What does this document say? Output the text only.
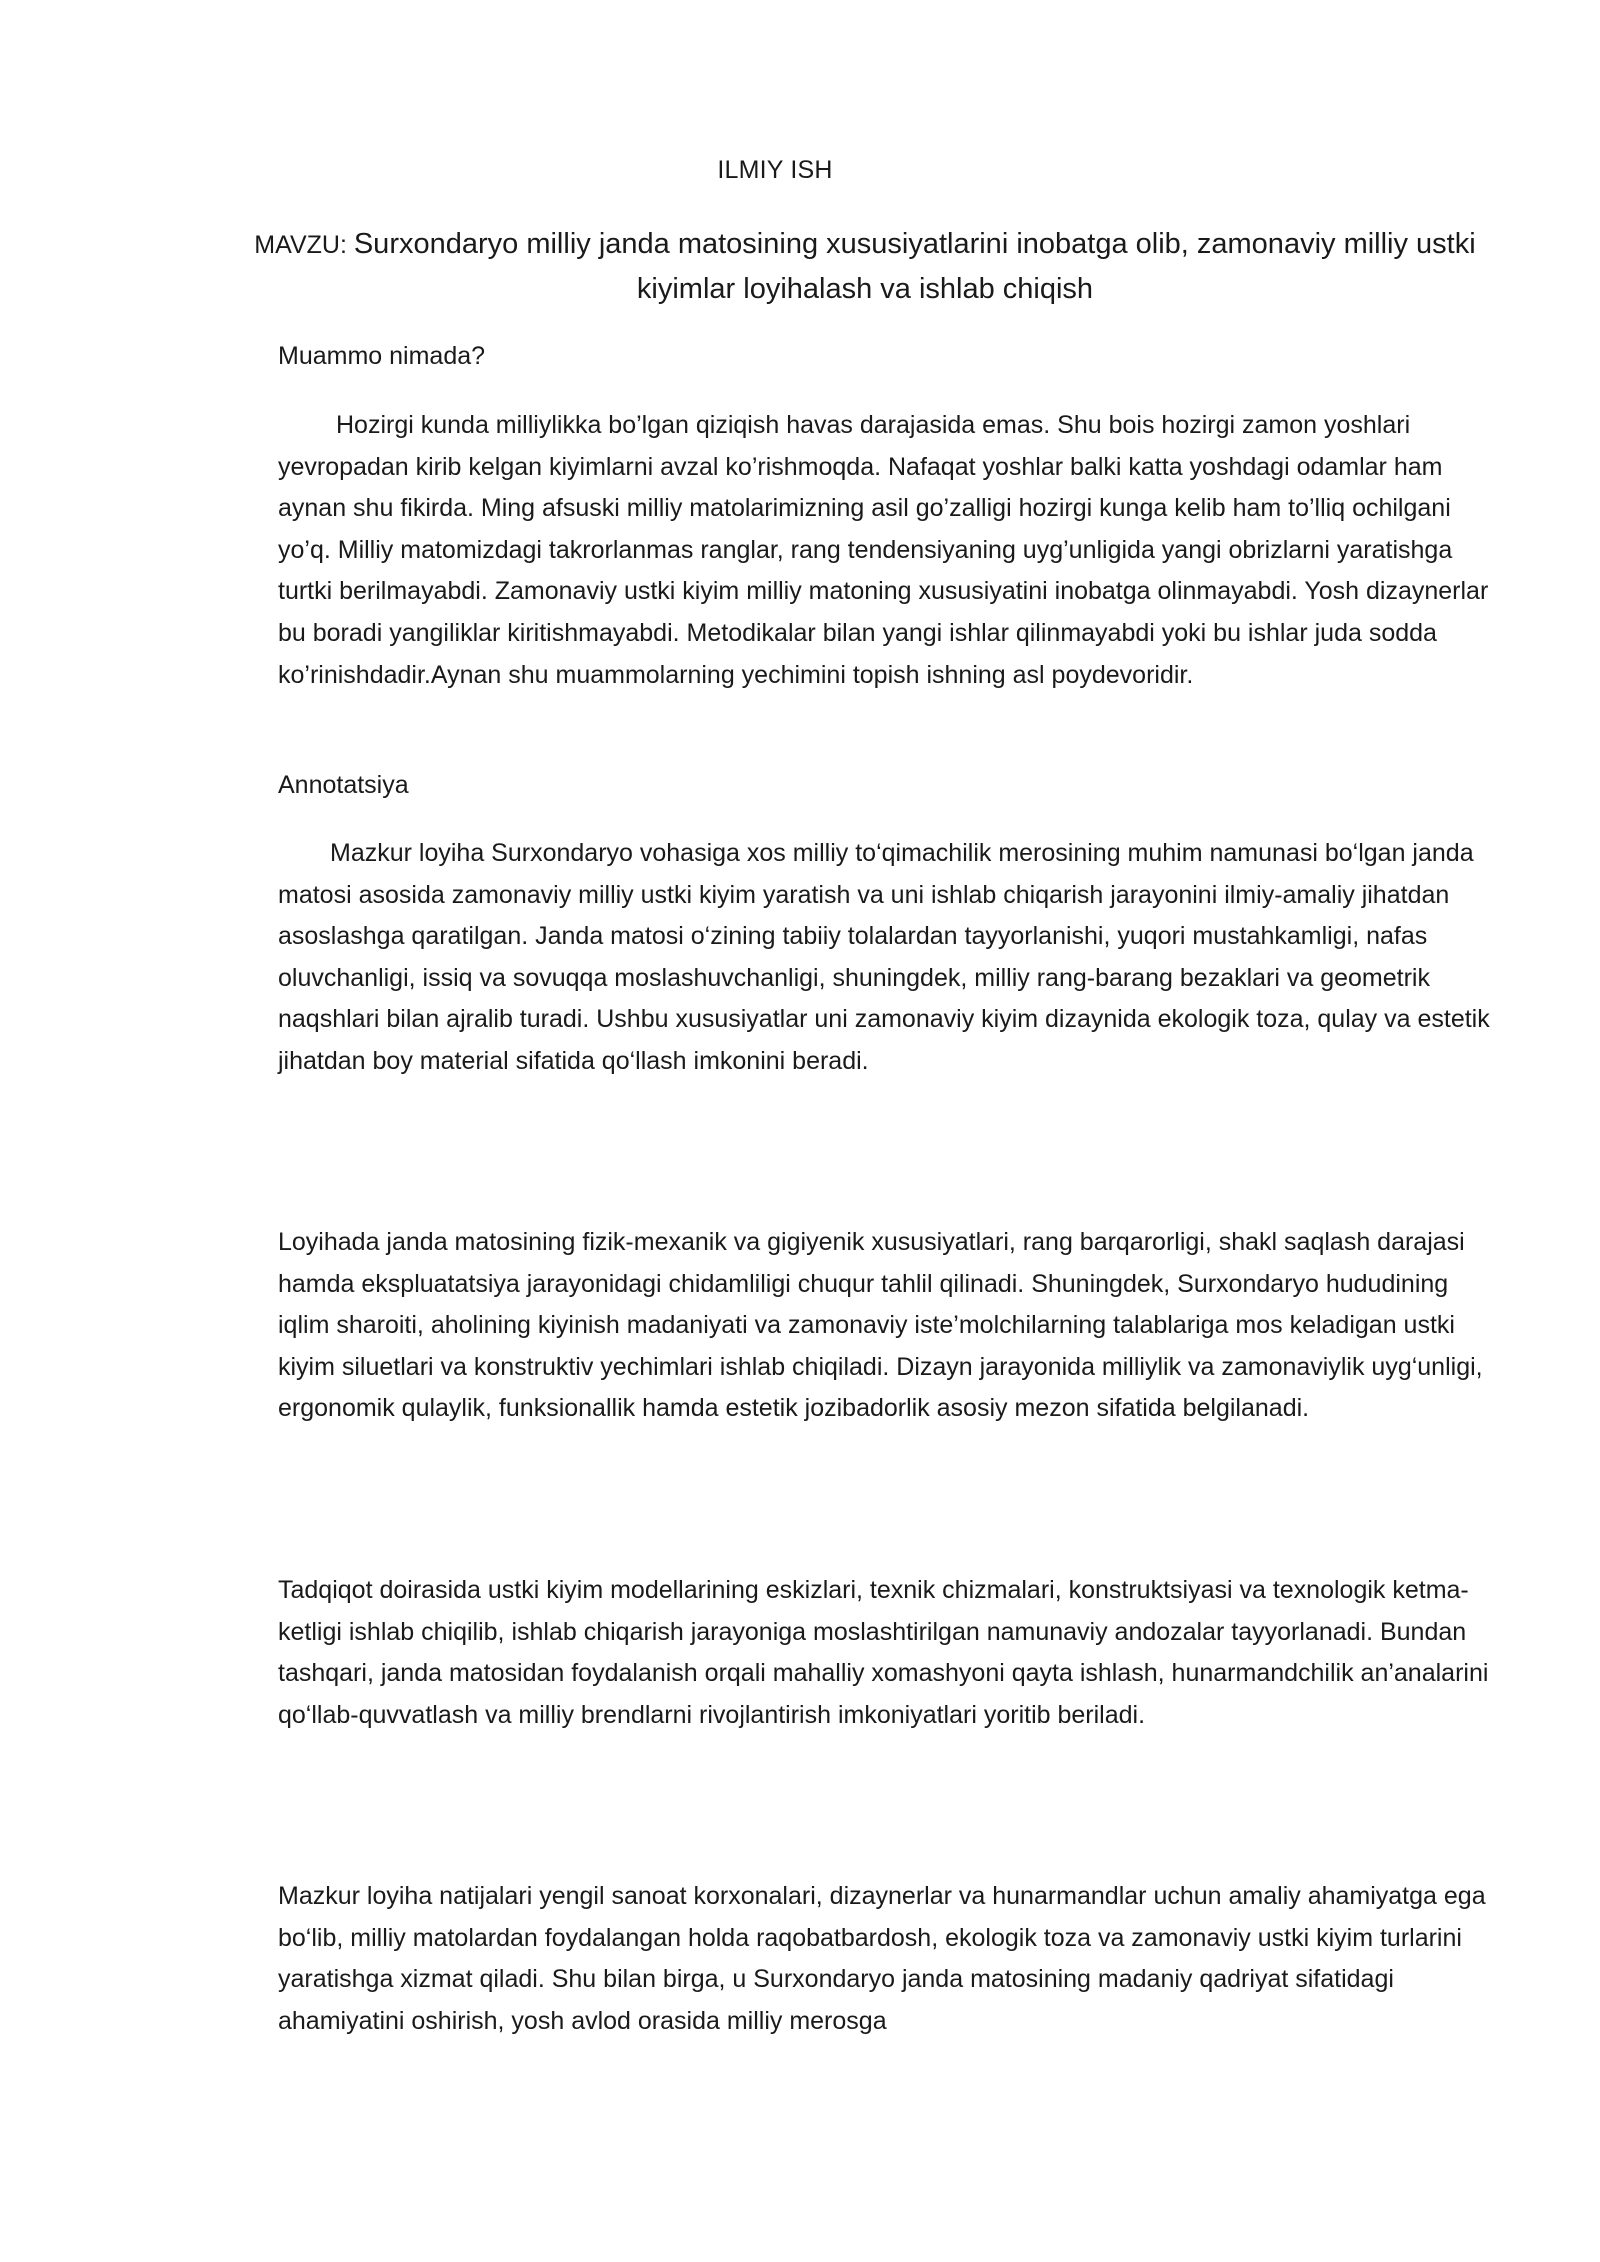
ILMIY ISH
MAVZU: Surxondaryo milliy janda matosining xususiyatlarini inobatga olib, zamonaviy milliy ustki kiyimlar loyihalash va ishlab chiqish
Muammo nimada?

Hozirgi kunda milliylikka bo’lgan qiziqish havas darajasida emas. Shu bois hozirgi zamon yoshlari yevropadan kirib kelgan kiyimlarni avzal ko’rishmoqda. Nafaqat yoshlar balki katta yoshdagi odamlar ham aynan shu fikirda. Ming afsuski milliy matolarimizning asil go’zalligi hozirgi kunga kelib ham to’lliq ochilgani yo’q. Milliy matomizdagi takrorlanmas ranglar, rang tendensiyaning uyg’unligida yangi obrizlarni yaratishga turtki berilmayabdi. Zamonaviy ustki kiyim milliy matoning xususiyatini inobatga olinmayabdi. Yosh dizaynerlar bu boradi yangiliklar kiritishmayabdi. Metodikalar bilan yangi ishlar qilinmayabdi yoki bu ishlar juda sodda ko’rinishdadir.Aynan shu muammolarning yechimini topish ishning asl poydevoridir.

Annotatsiya

Mazkur loyiha Surxondaryo vohasiga xos milliy to‘qimachilik merosining muhim namunasi bo‘lgan janda matosi asosida zamonaviy milliy ustki kiyim yaratish va uni ishlab chiqarish jarayonini ilmiy-amaliy jihatdan asoslashga qaratilgan. Janda matosi o‘zining tabiiy tolalardan tayyorlanishi, yuqori mustahkamligi, nafas oluvchanligi, issiq va sovuqqa moslashuvchanligi, shuningdek, milliy rang-barang bezaklari va geometrik naqshlari bilan ajralib turadi. Ushbu xususiyatlar uni zamonaviy kiyim dizaynida ekologik toza, qulay va estetik jihatdan boy material sifatida qo‘llash imkonini beradi.

Loyihada janda matosining fizik-mexanik va gigiyenik xususiyatlari, rang barqarorligi, shakl saqlash darajasi hamda ekspluatatsiya jarayonidagi chidamliligi chuqur tahlil qilinadi. Shuningdek, Surxondaryo hududining iqlim sharoiti, aholining kiyinish madaniyati va zamonaviy iste’molchilarning talablariga mos keladigan ustki kiyim siluetlari va konstruktiv yechimlari ishlab chiqiladi. Dizayn jarayonida milliylik va zamonaviylik uyg‘unligi, ergonomik qulaylik, funksionallik hamda estetik jozibadorlik asosiy mezon sifatida belgilanadi.

Tadqiqot doirasida ustki kiyim modellarining eskizlari, texnik chizmalari, konstruktsiyasi va texnologik ketma-ketligi ishlab chiqilib, ishlab chiqarish jarayoniga moslashtirilgan namunaviy andozalar tayyorlanadi. Bundan tashqari, janda matosidan foydalanish orqali mahalliy xomashyoni qayta ishlash, hunarmandchilik an’analarini qo‘llab-quvvatlash va milliy brendlarni rivojlantirish imkoniyatlari yoritib beriladi.

Mazkur loyiha natijalari yengil sanoat korxonalari, dizaynerlar va hunarmandlar uchun amaliy ahamiyatga ega bo‘lib, milliy matolardan foydalangan holda raqobatbardosh, ekologik toza va zamonaviy ustki kiyim turlarini yaratishga xizmat qiladi. Shu bilan birga, u Surxondaryo janda matosining madaniy qadriyat sifatidagi ahamiyatini oshirish, yosh avlod orasida milliy merosga
